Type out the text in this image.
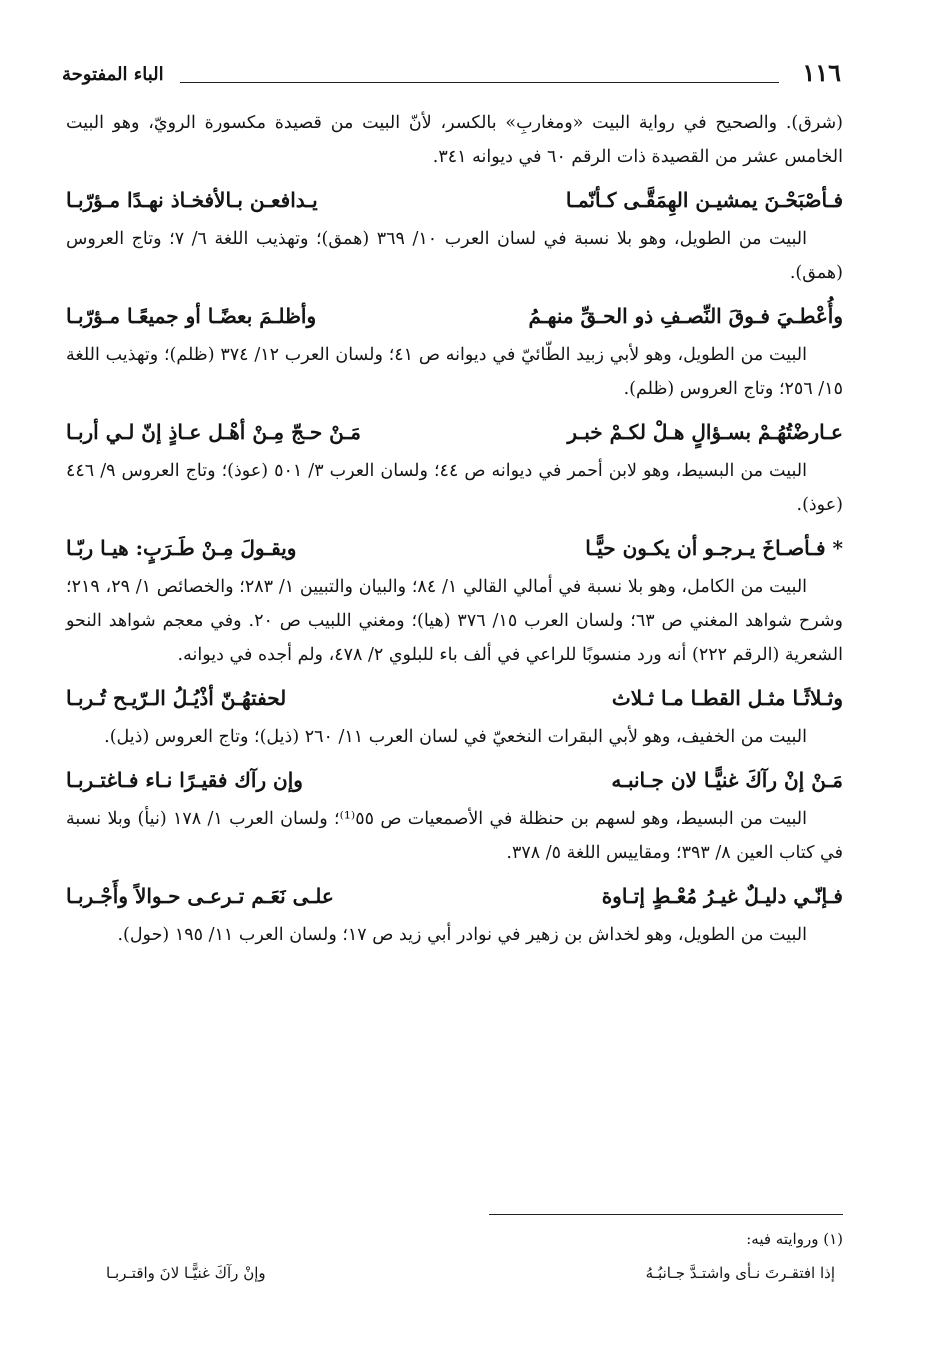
١١٦
الباء المفتوحة

(شرق). والصحيح في رواية البيت «ومغاربِ» بالكسر، لأنّ البيت من قصيدة مكسورة الرويّ، وهو البيت الخامس عشر من القصيدة ذات الرقم ٦٠ في ديوانه ٣٤١.

فـأصْبَحْـنَ يمشيـن الهِمَقَّـى كـأنّمـا
يـدافعـن بـالأفخـاذ نهـدًا مـؤرّبـا

البيت من الطويل، وهو بلا نسبة في لسان العرب ١٠/ ٣٦٩ (همق)؛ وتهذيب اللغة ٦/ ٧؛ وتاج العروس (همق).

وأُعْطـيَ فـوقَ النِّصـفِ ذو الحـقِّ منهـمُ
وأظلـمَ بعضًـا أو جميعًـا مـؤرّبـا

البيت من الطويل، وهو لأبي زبيد الطّائيّ في ديوانه ص ٤١؛ ولسان العرب ١٢/ ٣٧٤ (ظلم)؛ وتهذيب اللغة ١٥/ ٢٥٦؛ وتاج العروس (ظلم).

عـارضْتُهُـمْ بسـؤالٍ هـلْ لكـمْ خبـر
مَـنْ حـجّ مِـنْ أهْـل عـاذٍ إنّ لـي أربـا

البيت من البسيط، وهو لابن أحمر في ديوانه ص ٤٤؛ ولسان العرب ٣/ ٥٠١ (عوذ)؛ وتاج العروس ٩/ ٤٤٦ (عوذ).

* فـأصـاخَ يـرجـو أن يكـون حيًّـا
ويقـولَ مِـنْ طَـرَبٍ: هيـا ربّـا

البيت من الكامل، وهو بلا نسبة في أمالي القالي ١/ ٨٤؛ والبيان والتبيين ١/ ٢٨٣؛ والخصائص ١/ ٢٩، ٢١٩؛ وشرح شواهد المغني ص ٦٣؛ ولسان العرب ١٥/ ٣٧٦ (هيا)؛ ومغني اللبيب ص ٢٠. وفي معجم شواهد النحو الشعرية (الرقم ٢٢٢) أنه ورد منسوبًا للراعي في ألف باء للبلوي ٢/ ٤٧٨، ولم أجده في ديوانه.

وثـلاثًـا مثـل القطـا مـا ثـلاث
لحفتهُـنّ أذْيُـلُ الـرّيـح تُـربـا

البيت من الخفيف، وهو لأبي البقرات النخعيّ في لسان العرب ١١/ ٢٦٠ (ذيل)؛ وتاج العروس (ذيل).

مَـنْ إنْ رآكَ غنيًّـا لان جـانبـه
وإن رآك فقيـرًا نـاء فـاغتـربـا

البيت من البسيط، وهو لسهم بن حنظلة في الأصمعيات ص ٥٥⁽¹⁾؛ ولسان العرب ١/ ١٧٨ (نيأ) وبلا نسبة في كتاب العين ٨/ ٣٩٣؛ ومقاييس اللغة ٥/ ٣٧٨.

فـإنّـي دليـلٌ غيـرُ مُعْـطٍ إتـاوة
علـى نَعَـم تـرعـى حـوالاً وأَجْـربـا

البيت من الطويل، وهو لخداش بن زهير في نوادر أبي زيد ص ١٧؛ ولسان العرب ١١/ ١٩٥ (حول).

(١) وروايته فيه:

إذا افتقـرتَ نـأى واشتـدَّ جـانبُـهُ
وإنْ رآكَ غنيًّـا لانَ واقتـربـا
